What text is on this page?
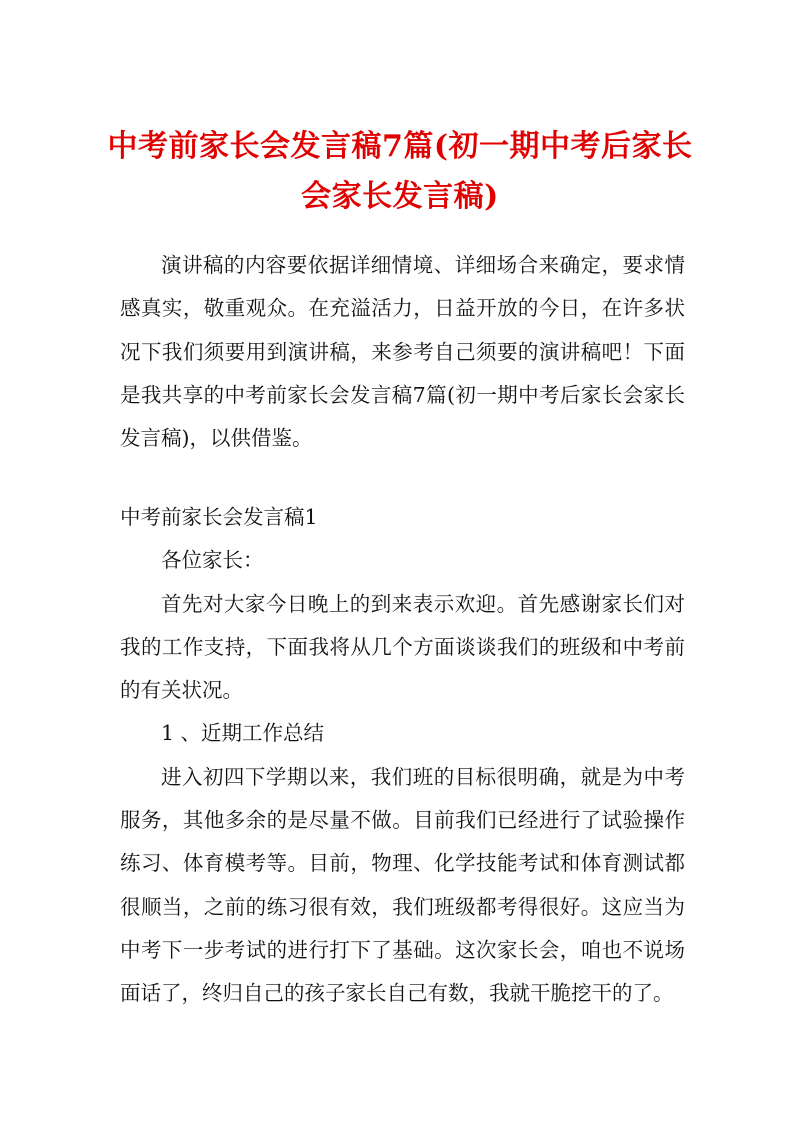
中考前家长会发言稿7篇(初一期中考后家长会家长发言稿)

演讲稿的内容要依据详细情境、详细场合来确定，要求情感真实，敬重观众。在充溢活力，日益开放的今日，在许多状况下我们须要用到演讲稿，来参考自己须要的演讲稿吧！下面是我共享的中考前家长会发言稿7篇(初一期中考后家长会家长发言稿)，以供借鉴。

中考前家长会发言稿1

各位家长：

首先对大家今日晚上的到来表示欢迎。首先感谢家长们对我的工作支持，下面我将从几个方面谈谈我们的班级和中考前的有关状况。

1 、近期工作总结

进入初四下学期以来，我们班的目标很明确，就是为中考服务，其他多余的是尽量不做。目前我们已经进行了试验操作练习、体育模考等。目前，物理、化学技能考试和体育测试都很顺当，之前的练习很有效，我们班级都考得很好。这应当为中考下一步考试的进行打下了基础。这次家长会，咱也不说场面话了，终归自己的孩子家长自己有数，我就干脆挖干的了。
